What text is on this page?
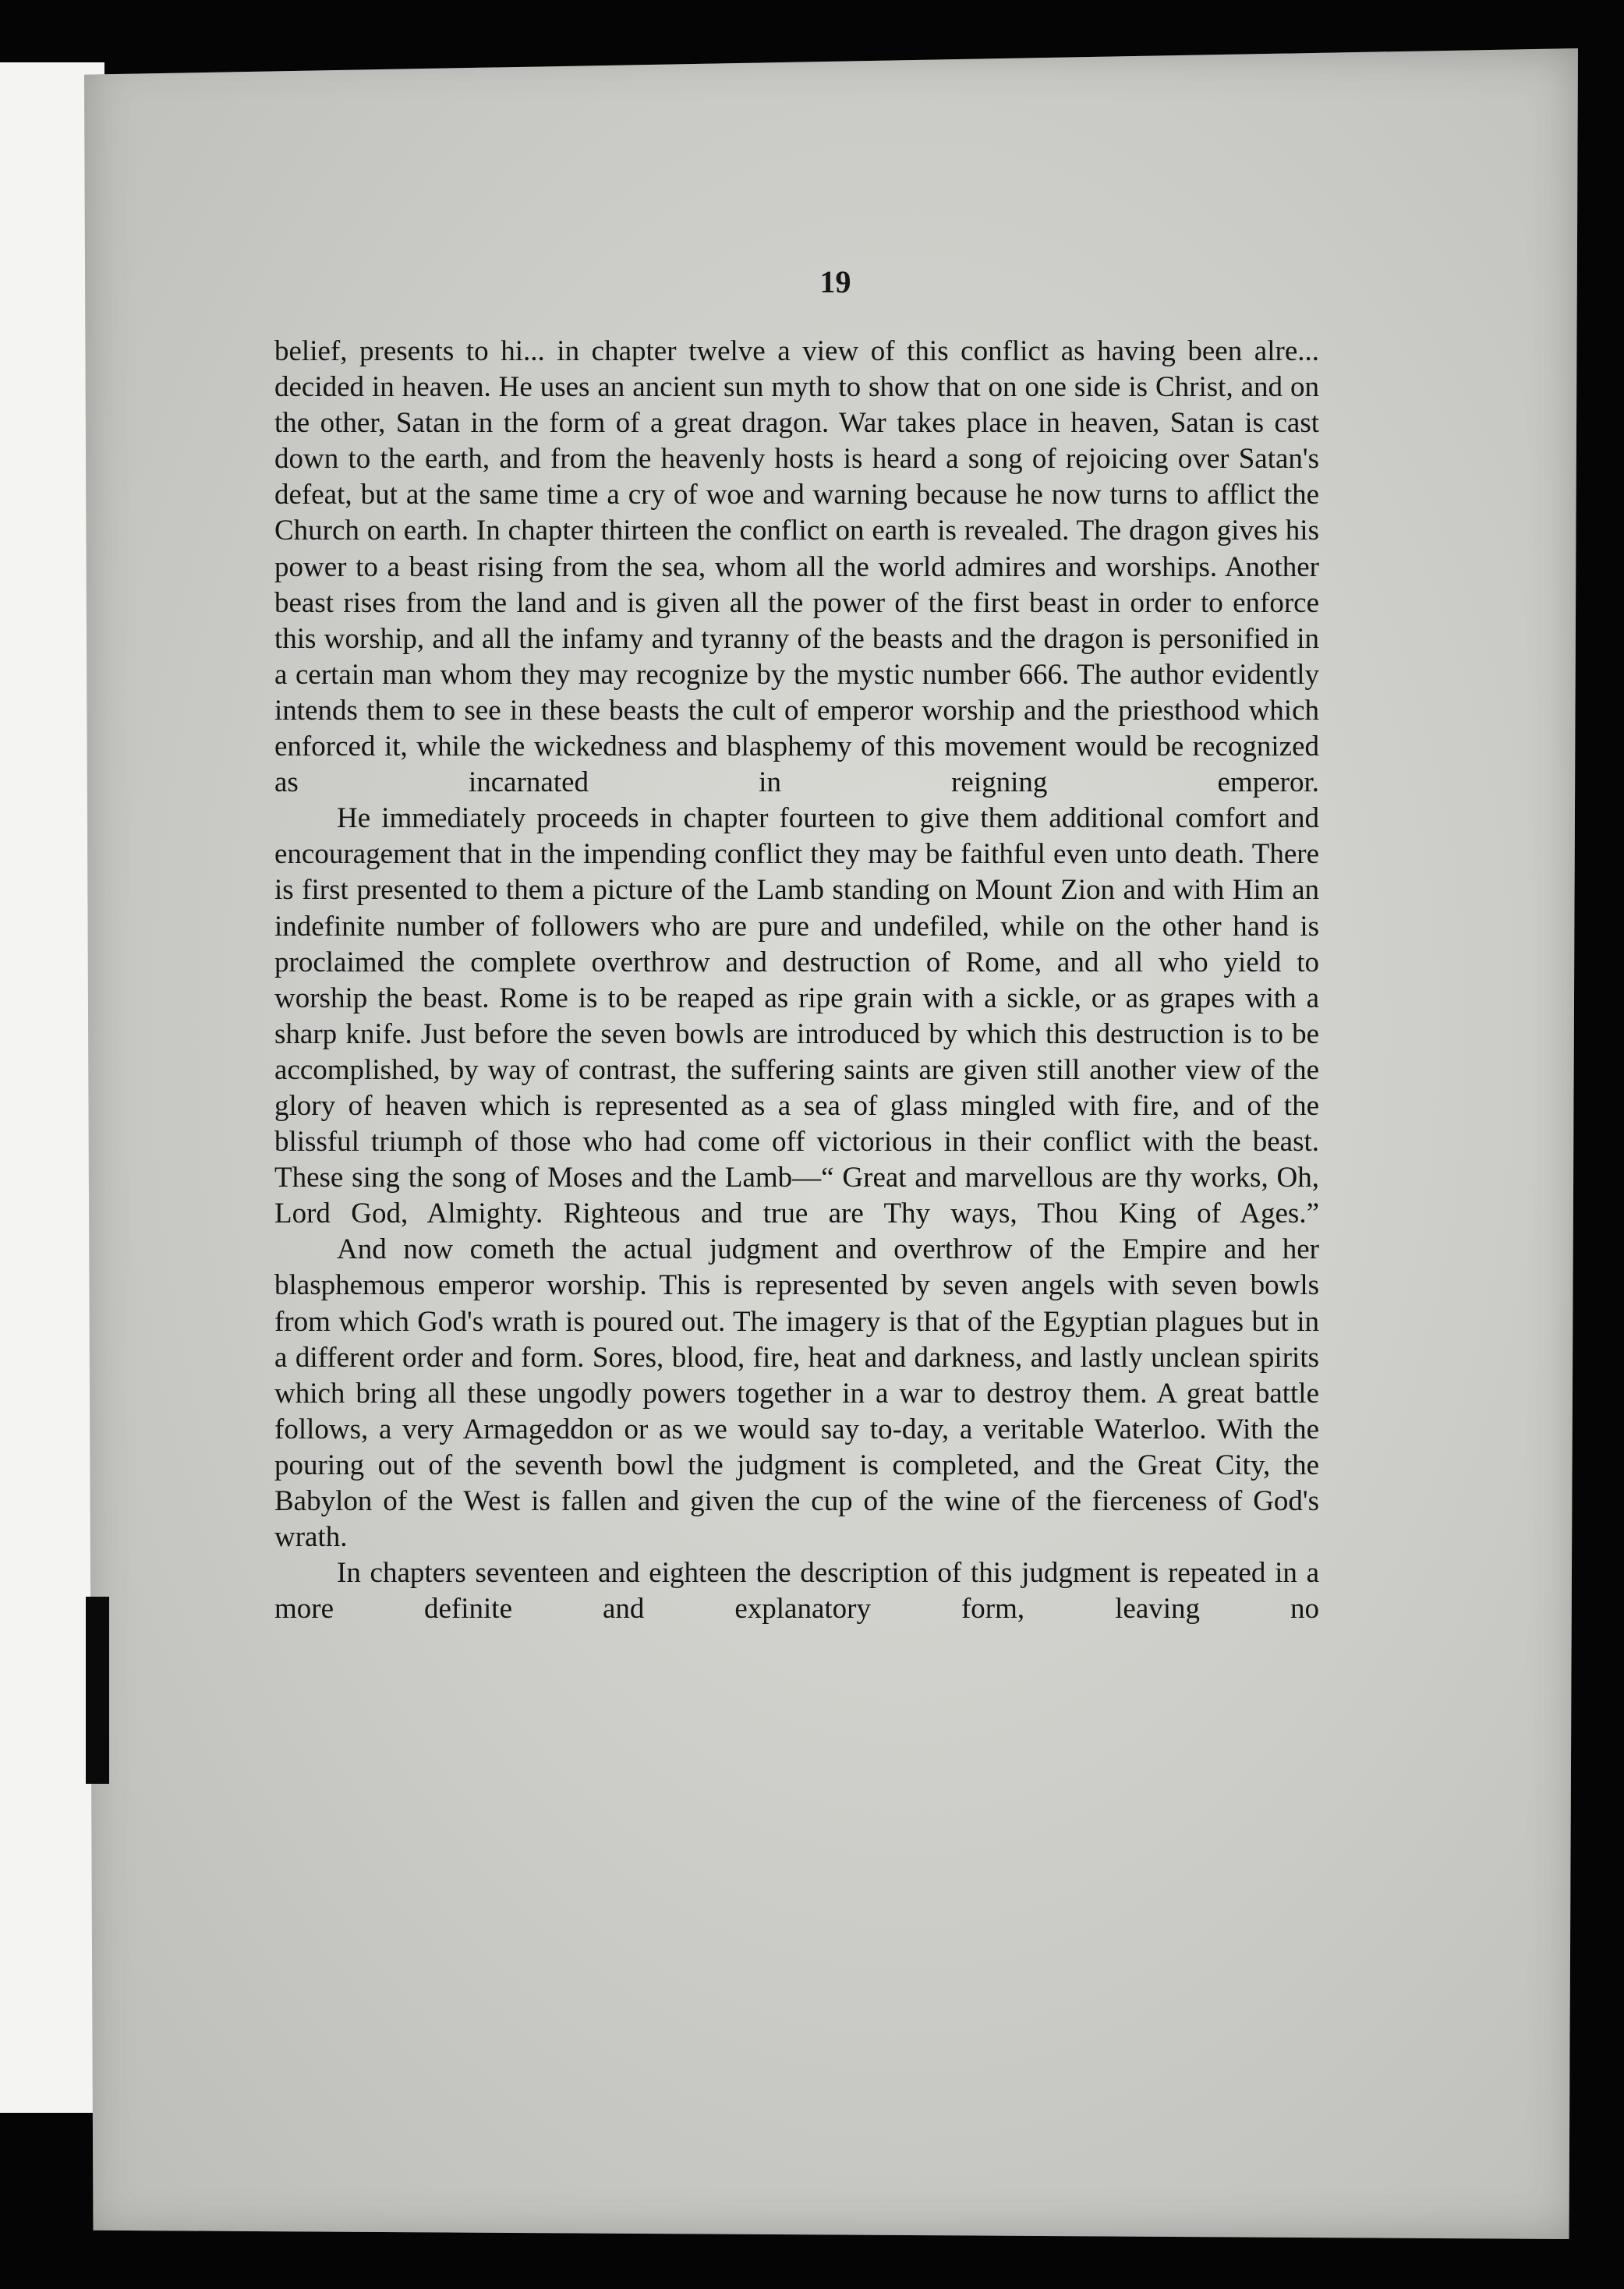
19

belief, presents to hi... in chapter twelve a view of this conflict as having been alre... decided in heaven. He uses an ancient sun myth to show that on one side is Christ, and on the other, Satan in the form of a great dragon. War takes place in heaven, Satan is cast down to the earth, and from the heavenly hosts is heard a song of rejoicing over Satan's defeat, but at the same time a cry of woe and warning because he now turns to afflict the Church on earth. In chapter thirteen the conflict on earth is revealed. The dragon gives his power to a beast rising from the sea, whom all the world admires and worships. Another beast rises from the land and is given all the power of the first beast in order to enforce this worship, and all the infamy and tyranny of the beasts and the dragon is personified in a certain man whom they may recognize by the mystic number 666. The author evidently intends them to see in these beasts the cult of emperor worship and the priesthood which enforced it, while the wickedness and blasphemy of this movement would be recognized as incarnated in reigning emperor.

He immediately proceeds in chapter fourteen to give them additional comfort and encouragement that in the impending conflict they may be faithful even unto death. There is first presented to them a picture of the Lamb standing on Mount Zion and with Him an indefinite number of followers who are pure and undefiled, while on the other hand is proclaimed the complete overthrow and destruction of Rome, and all who yield to worship the beast. Rome is to be reaped as ripe grain with a sickle, or as grapes with a sharp knife. Just before the seven bowls are introduced by which this destruction is to be accomplished, by way of contrast, the suffering saints are given still another view of the glory of heaven which is represented as a sea of glass mingled with fire, and of the blissful triumph of those who had come off victorious in their conflict with the beast. These sing the song of Moses and the Lamb—“ Great and marvellous are thy works, Oh, Lord God, Almighty. Righteous and true are Thy ways, Thou King of Ages.”

And now cometh the actual judgment and overthrow of the Empire and her blasphemous emperor worship. This is represented by seven angels with seven bowls from which God's wrath is poured out. The imagery is that of the Egyptian plagues but in a different order and form. Sores, blood, fire, heat and darkness, and lastly unclean spirits which bring all these ungodly powers together in a war to destroy them. A great battle follows, a very Armageddon or as we would say to-day, a veritable Waterloo. With the pouring out of the seventh bowl the judgment is completed, and the Great City, the Babylon of the West is fallen and given the cup of the wine of the fierceness of God's wrath.

In chapters seventeen and eighteen the description of this judgment is repeated in a more definite and explanatory form, leaving no
